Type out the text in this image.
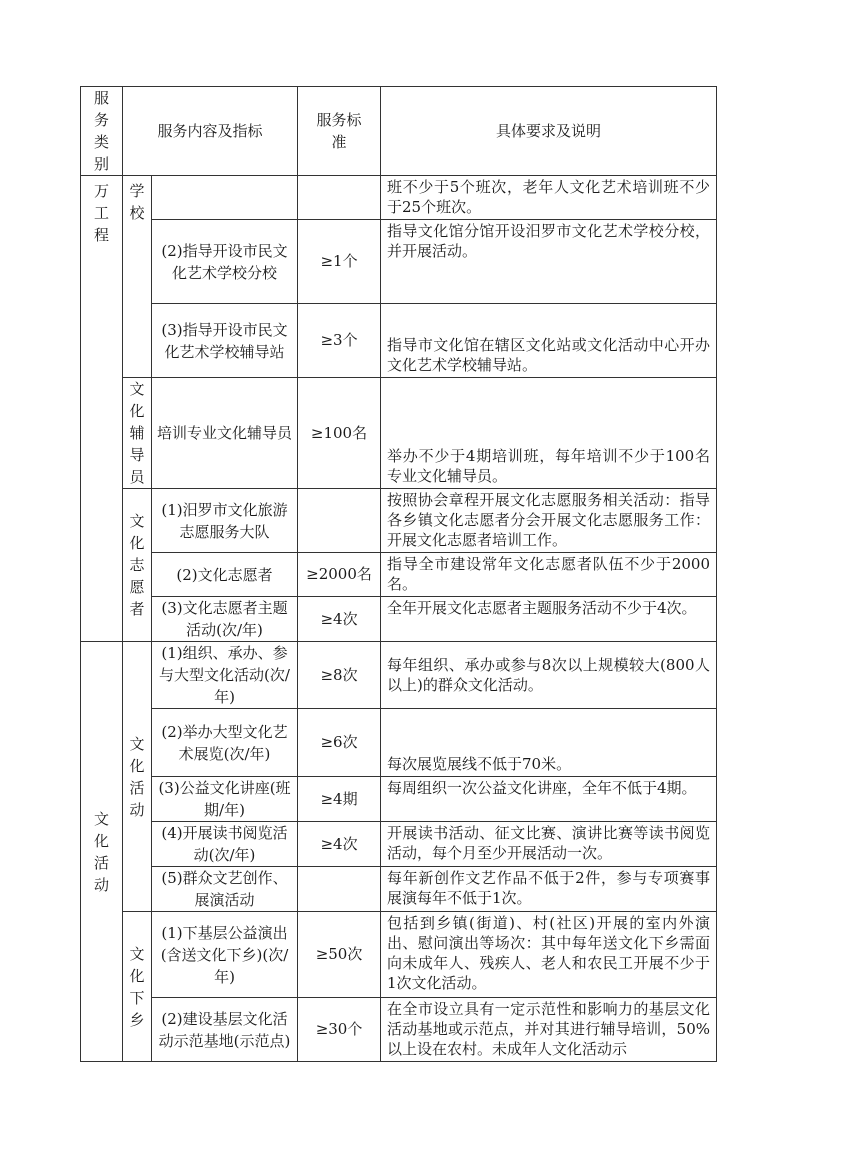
服务类别	服务内容及指标		服务标准	具体要求及说明

万工程	学校			班不少于5个班次，老年人文化艺术培训班不少于25个班次。
		(2)指导开设市民文化艺术学校分校	≥1个	指导文化馆分馆开设汨罗市文化艺术学校分校，并开展活动。
		(3)指导开设市民文化艺术学校辅导站	≥3个	指导市文化馆在辖区文化站或文化活动中心开办文化艺术学校辅导站。

	文化辅导员	培训专业文化辅导员	≥100名	举办不少于4期培训班，每年培训不少于100名专业文化辅导员。

	文化志愿者	(1)汨罗市文化旅游志愿服务大队		按照协会章程开展文化志愿服务相关活动：指导各乡镇文化志愿者分会开展文化志愿服务工作：开展文化志愿者培训工作。
		(2)文化志愿者	≥2000名	指导全市建设常年文化志愿者队伍不少于2000名。
		(3)文化志愿者主题活动(次/年)	≥4次	全年开展文化志愿者主题服务活动不少于4次。

文化活动	文化活动	(1)组织、承办、参与大型文化活动(次/年)	≥8次	每年组织、承办或参与8次以上规模较大(800人以上)的群众文化活动。
		(2)举办大型文化艺术展览(次/年)	≥6次	每次展览展线不低于70米。
		(3)公益文化讲座(班期/年)	≥4期	每周组织一次公益文化讲座，全年不低于4期。
		(4)开展读书阅览活动(次/年)	≥4次	开展读书活动、征文比赛、演讲比赛等读书阅览活动，每个月至少开展活动一次。
		(5)群众文艺创作、展演活动		每年新创作文艺作品不低于2件，参与专项赛事展演每年不低于1次。

	文化下乡	(1)下基层公益演出(含送文化下乡)(次/年)	≥50次	包括到乡镇(街道)、村(社区)开展的室内外演出、慰问演出等场次：其中每年送文化下乡需面向未成年人、残疾人、老人和农民工开展不少于1次文化活动。
		(2)建设基层文化活动示范基地(示范点)	≥30个	在全市设立具有一定示范性和影响力的基层文化活动基地或示范点，并对其进行辅导培训，50%以上设在农村。未成年人文化活动示
